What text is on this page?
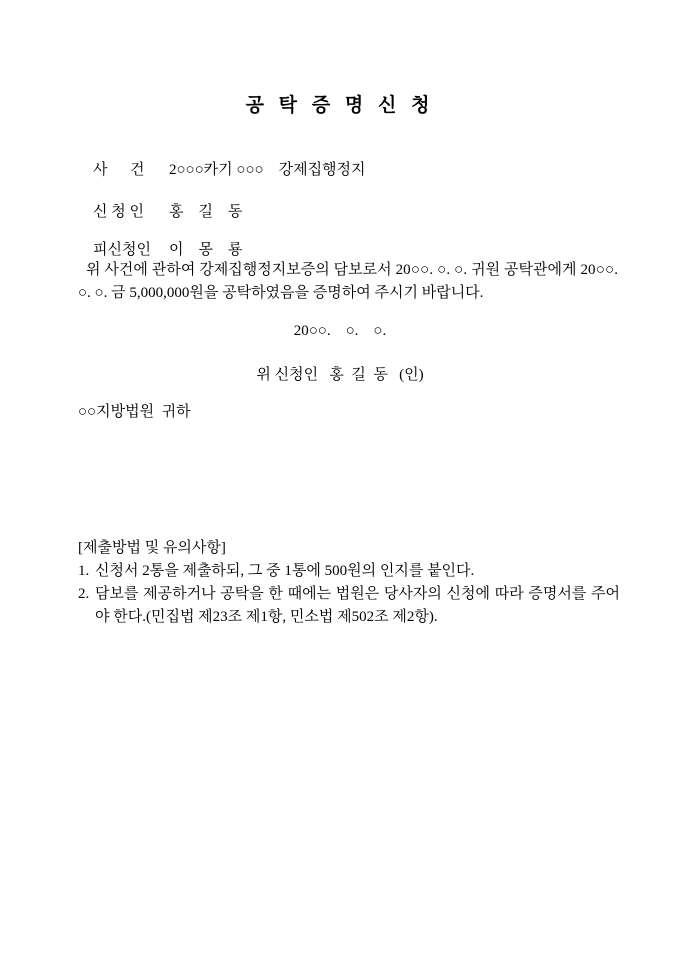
공 탁 증 명 신 청

사      건 2○○○카기 ○○○    강제집행정지

신 청 인 홍    길    동

피신청인 이    몽    룡

위 사건에 관하여 강제집행정지보증의 담보로서 20○○. ○. ○. 귀원 공탁관에게 20○○. ○. ○. 금 5,000,000원을 공탁하였음을 증명하여 주시기 바랍니다.
20○○.    ○.    ○.
위 신청인   홍  길  동   (인)
○○지방법원  귀하
[제출방법 및 유의사항]
1. 신청서 2통을 제출하되, 그 중 1통에 500원의 인지를 붙인다.
2. 담보를 제공하거나 공탁을 한 때에는 법원은 당사자의 신청에 따라 증명서를 주어야 한다.(민집법 제23조 제1항, 민소법 제502조 제2항).
